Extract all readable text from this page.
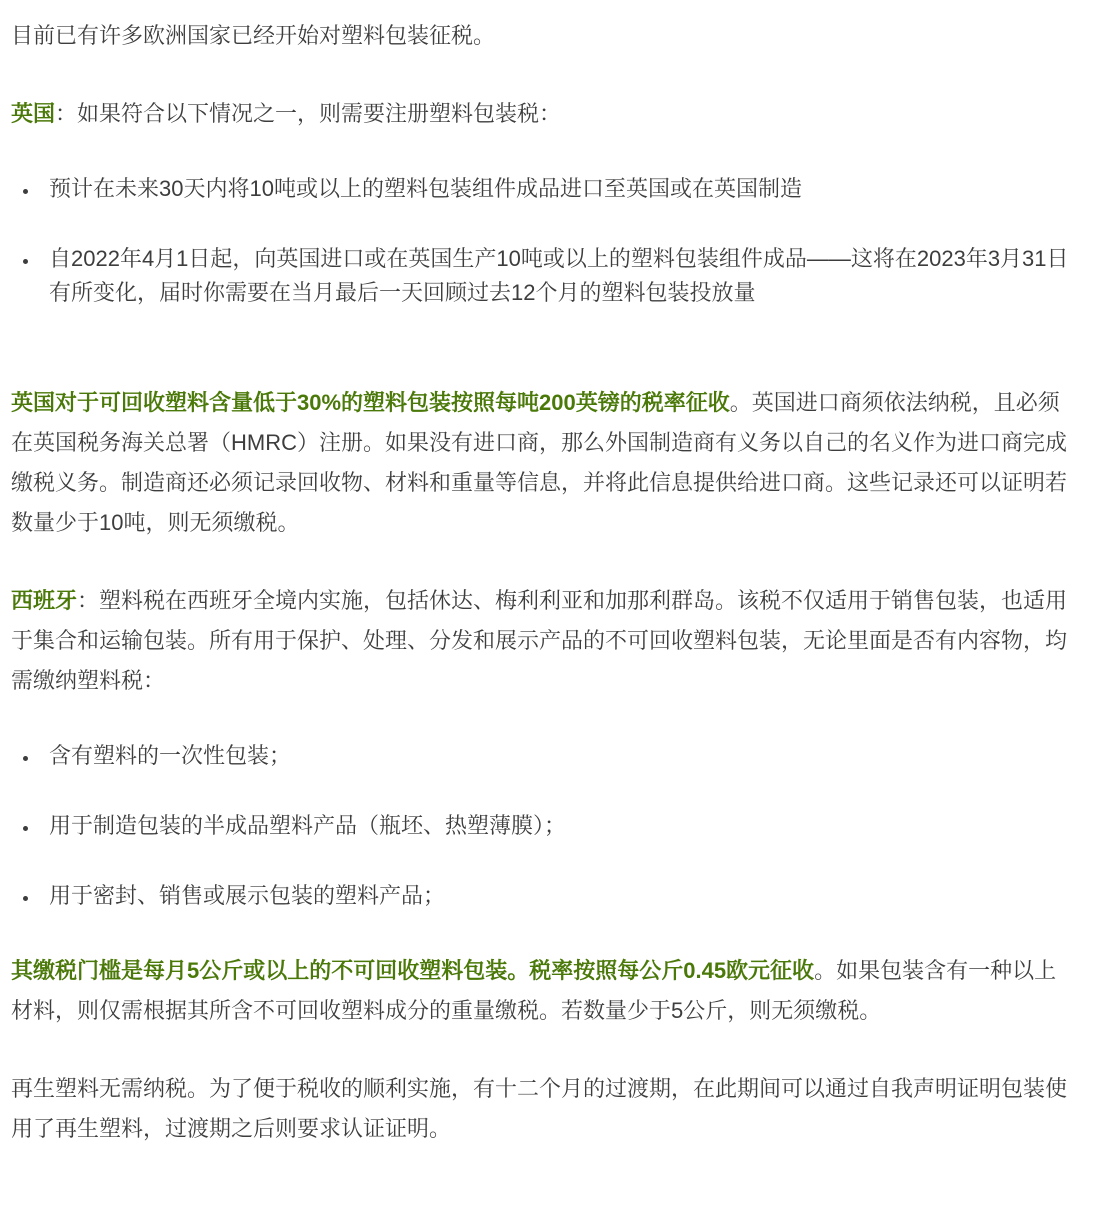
目前已有许多欧洲国家已经开始对塑料包装征税。

英国：如果符合以下情况之一，则需要注册塑料包装税：

• 预计在未来30天内将10吨或以上的塑料包装组件成品进口至英国或在英国制造
• 自2022年4月1日起，向英国进口或在英国生产10吨或以上的塑料包装组件成品——这将在2023年3月31日有所变化，届时你需要在当月最后一天回顾过去12个月的塑料包装投放量

英国对于可回收塑料含量低于30%的塑料包装按照每吨200英镑的税率征收。英国进口商须依法纳税，且必须在英国税务海关总署（HMRC）注册。如果没有进口商，那么外国制造商有义务以自己的名义作为进口商完成缴税义务。制造商还必须记录回收物、材料和重量等信息，并将此信息提供给进口商。这些记录还可以证明若数量少于10吨，则无须缴税。

西班牙：塑料税在西班牙全境内实施，包括休达、梅利利亚和加那利群岛。该税不仅适用于销售包装，也适用于集合和运输包装。所有用于保护、处理、分发和展示产品的不可回收塑料包装，无论里面是否有内容物，均需缴纳塑料税：

• 含有塑料的一次性包装；
• 用于制造包装的半成品塑料产品（瓶坯、热塑薄膜）；
• 用于密封、销售或展示包装的塑料产品；

其缴税门槛是每月5公斤或以上的不可回收塑料包装。税率按照每公斤0.45欧元征收。如果包装含有一种以上材料，则仅需根据其所含不可回收塑料成分的重量缴税。若数量少于5公斤，则无须缴税。

再生塑料无需纳税。为了便于税收的顺利实施，有十二个月的过渡期，在此期间可以通过自我声明证明包装使用了再生塑料，过渡期之后则要求认证证明。
